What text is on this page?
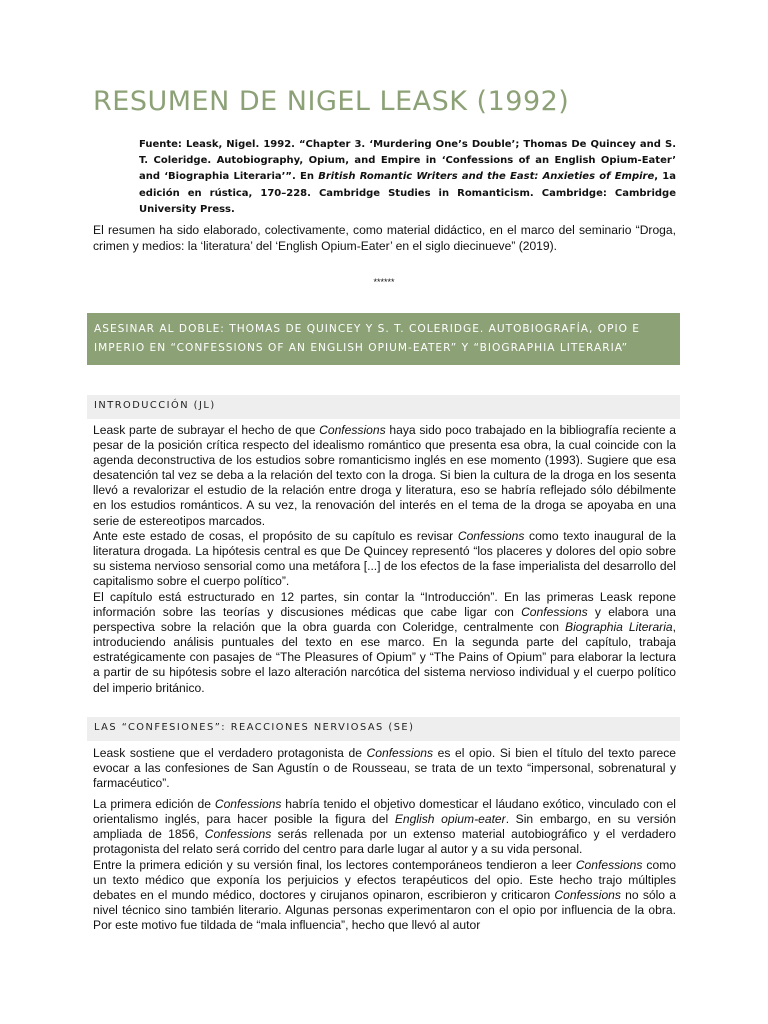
RESUMEN DE NIGEL LEASK (1992)

Fuente: Leask, Nigel. 1992. “Chapter 3. ‘Murdering One’s Double’; Thomas De Quincey and S. T. Coleridge. Autobiography, Opium, and Empire in ‘Confessions of an English Opium-Eater’ and ‘Biographia Literaria’”. En British Romantic Writers and the East: Anxieties of Empire, 1a edición en rústica, 170–228. Cambridge Studies in Romanticism. Cambridge: Cambridge University Press.

El resumen ha sido elaborado, colectivamente, como material didáctico, en el marco del seminario “Droga, crimen y medios: la ‘literatura’ del ‘English Opium-Eater’ en el siglo diecinueve” (2019).

******

ASESINAR AL DOBLE: THOMAS DE QUINCEY Y S. T. COLERIDGE. AUTOBIOGRAFÍA, OPIO E IMPERIO EN “CONFESSIONS OF AN ENGLISH OPIUM-EATER” Y “BIOGRAPHIA LITERARIA”
INTRODUCCIÓN (JL)

Leask parte de subrayar el hecho de que Confessions haya sido poco trabajado en la bibliografía reciente a pesar de la posición crítica respecto del idealismo romántico que presenta esa obra, la cual coincide con la agenda deconstructiva de los estudios sobre romanticismo inglés en ese momento (1993). Sugiere que esa desatención tal vez se deba a la relación del texto con la droga. Si bien la cultura de la droga en los sesenta llevó a revalorizar el estudio de la relación entre droga y literatura, eso se habría reflejado sólo débilmente en los estudios románticos. A su vez, la renovación del interés en el tema de la droga se apoyaba en una serie de estereotipos marcados.

Ante este estado de cosas, el propósito de su capítulo es revisar Confessions como texto inaugural de la literatura drogada. La hipótesis central es que De Quincey representó “los placeres y dolores del opio sobre su sistema nervioso sensorial como una metáfora [...] de los efectos de la fase imperialista del desarrollo del capitalismo sobre el cuerpo político”.

El capítulo está estructurado en 12 partes, sin contar la “Introducción”. En las primeras Leask repone información sobre las teorías y discusiones médicas que cabe ligar con Confessions y elabora una perspectiva sobre la relación que la obra guarda con Coleridge, centralmente con Biographia Literaria, introduciendo análisis puntuales del texto en ese marco. En la segunda parte del capítulo, trabaja estratégicamente con pasajes de “The Pleasures of Opium” y “The Pains of Opium” para elaborar la lectura a partir de su hipótesis sobre el lazo alteración narcótica del sistema nervioso individual y el cuerpo político del imperio británico.

LAS “CONFESIONES”: REACCIONES NERVIOSAS (SE)

Leask sostiene que el verdadero protagonista de Confessions es el opio. Si bien el título del texto parece evocar a las confesiones de San Agustín o de Rousseau, se trata de un texto “impersonal, sobrenatural y farmacéutico”.

La primera edición de Confessions habría tenido el objetivo domesticar el láudano exótico, vinculado con el orientalismo inglés, para hacer posible la figura del English opium-eater. Sin embargo, en su versión ampliada de 1856, Confessions serás rellenada por un extenso material autobiográfico y el verdadero protagonista del relato será corrido del centro para darle lugar al autor y a su vida personal.

Entre la primera edición y su versión final, los lectores contemporáneos tendieron a leer Confessions como un texto médico que exponía los perjuicios y efectos terapéuticos del opio. Este hecho trajo múltiples debates en el mundo médico, doctores y cirujanos opinaron, escribieron y criticaron Confessions no sólo a nivel técnico sino también literario. Algunas personas experimentaron con el opio por influencia de la obra. Por este motivo fue tildada de “mala influencia”, hecho que llevó al autor
